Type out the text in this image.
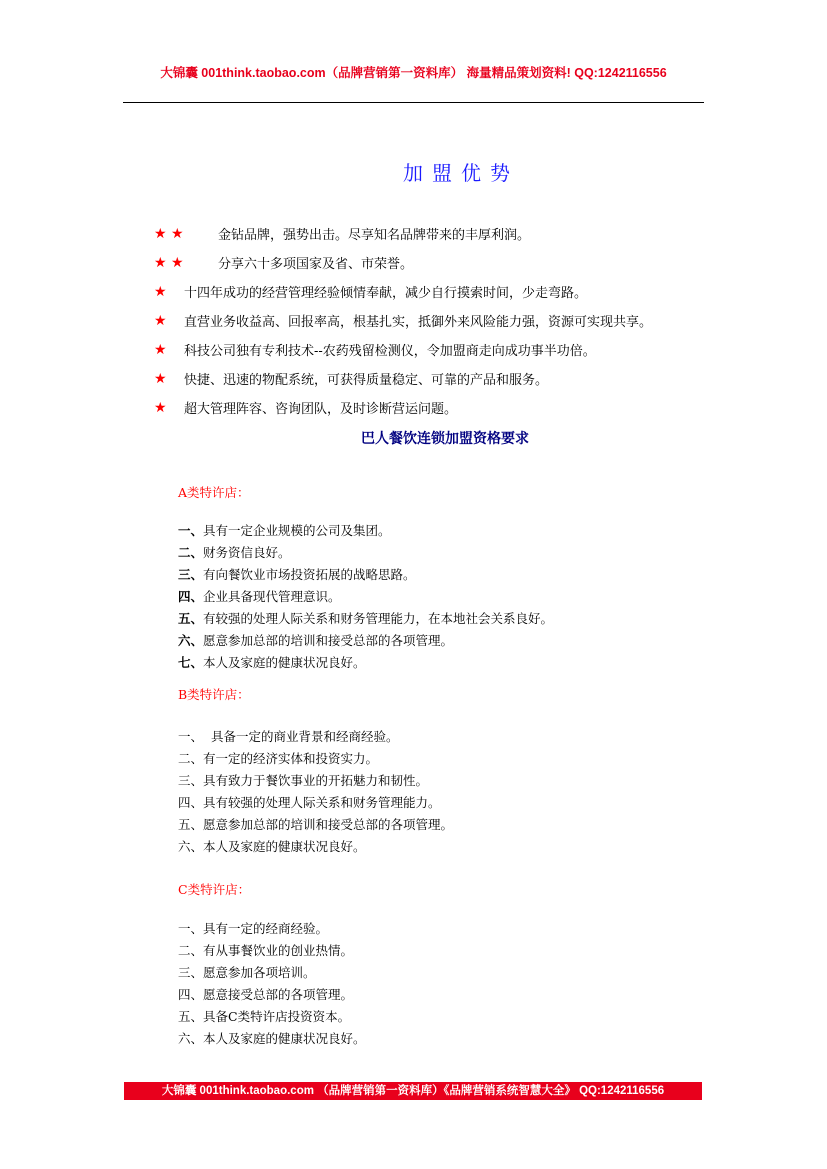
大锦囊 001think.taobao.com（品牌营销第一资料库） 海量精品策划资料! QQ:1242116556
加盟优势
★ ★	金钻品牌，强势出击。尽享知名品牌带来的丰厚利润。
★ ★	分享六十多项国家及省、市荣誉。
★	十四年成功的经营管理经验倾情奉献，减少自行摸索时间，少走弯路。
★	直营业务收益高、回报率高，根基扎实，抵御外来风险能力强，资源可实现共享。
★	科技公司独有专利技术--农药残留检测仪，令加盟商走向成功事半功倍。
★	快捷、迅速的物配系统，可获得质量稳定、可靠的产品和服务。
★	超大管理阵容、咨询团队，及时诊断营运问题。
巴人餐饮连锁加盟资格要求
A类特许店：
一、具有一定企业规模的公司及集团。
二、财务资信良好。
三、有向餐饮业市场投资拓展的战略思路。
四、企业具备现代管理意识。
五、有较强的处理人际关系和财务管理能力，在本地社会关系良好。
六、愿意参加总部的培训和接受总部的各项管理。
七、本人及家庭的健康状况良好。
B类特许店：
一、  具备一定的商业背景和经商经验。
二、有一定的经济实体和投资实力。
三、具有致力于餐饮事业的开拓魅力和韧性。
四、具有较强的处理人际关系和财务管理能力。
五、愿意参加总部的培训和接受总部的各项管理。
六、本人及家庭的健康状况良好。
C类特许店：
一、具有一定的经商经验。
二、有从事餐饮业的创业热情。
三、愿意参加各项培训。
四、愿意接受总部的各项管理。
五、具备C类特许店投资资本。
六、本人及家庭的健康状况良好。
大锦囊 001think.taobao.com （品牌营销第一资料库）《品牌营销系统智慧大全》 QQ:1242116556
